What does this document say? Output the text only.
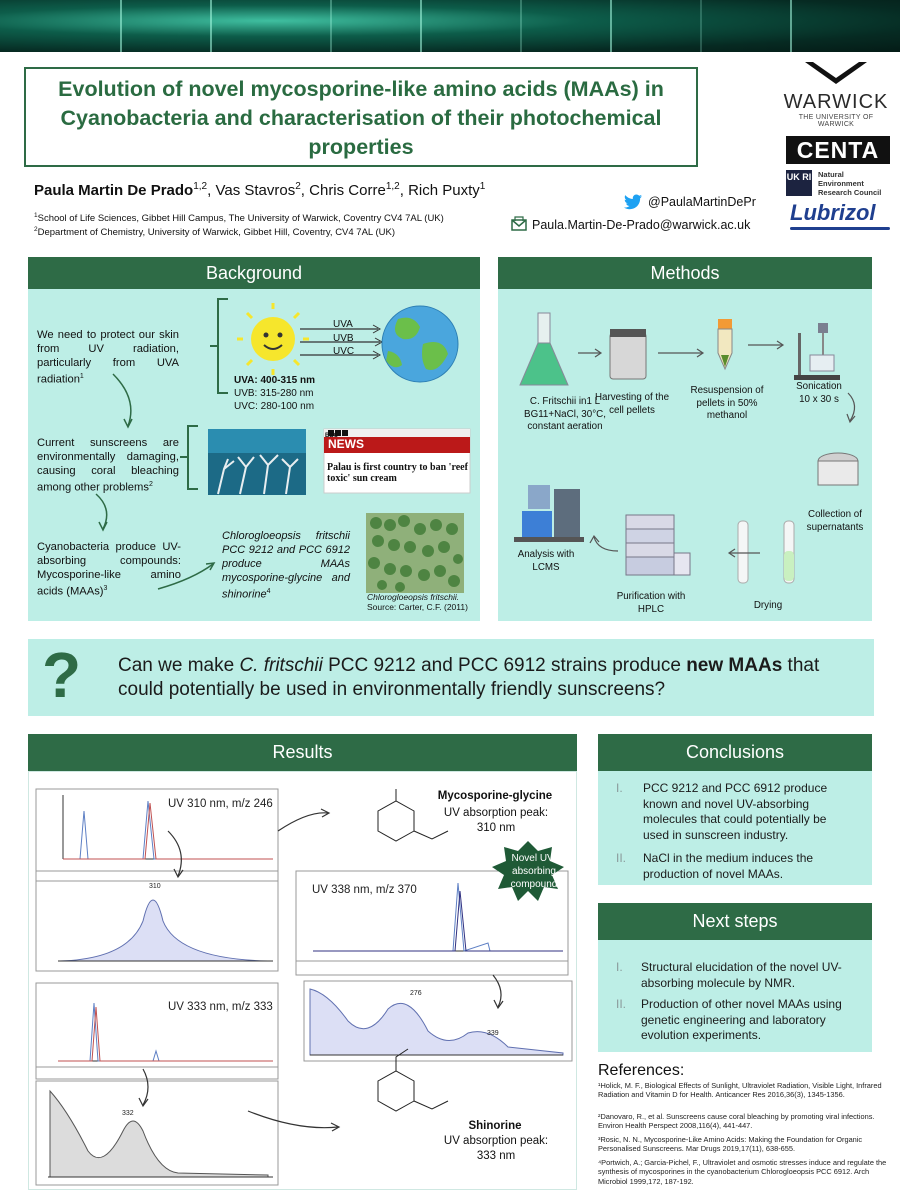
Evolution of novel mycosporine-like amino acids (MAAs) in Cyanobacteria and characterisation of their photochemical properties
Paula Martin De Prado$^{1,2}$, Vas Stavros$^2$, Chris Corre$^{1,2}$, Rich Puxty$^1$
$^1$School of Life Sciences, Gibbet Hill Campus, The University of Warwick, Coventry CV4 7AL (UK)
$^2$Department of Chemistry, University of Warwick, Gibbet Hill, Coventry, CV4 7AL (UK)
@PaulaMartinDePr
Paula.Martin-De-Prado@warwick.ac.uk
WARWICK
THE UNIVERSITY OF WARWICK
CENTA
UK RI Natural Environment Research Council
Lubrizol
Background
We need to protect our skin from UV radiation, particularly from UVA radiation$^1$
Current sunscreens are environmentally damaging, causing coral bleaching among other problems$^2$
Cyanobacteria produce UV-absorbing compounds: Mycosporine-like amino acids (MAAs)$^3$
UVA
UVB
UVC
UVA: 400-315 nm
UVB: 315-280 nm
UVC: 280-100 nm
BBC
NEWS
Palau is first country to ban 'reef toxic' sun cream
Chlorogloeopsis fritschii PCC 9212 and PCC 6912 produce MAAs mycosporine-glycine and shinorine$^4$
Chlorogloeopsis fritschii.
Source: Carter, C.F. (2011)
Methods
C. Fritschii in1 L BG11+NaCl, 30°C, constant aeration
Harvesting of the cell pellets
Resuspension of pellets in 50% methanol
Sonication 10 x 30 s
Collection of supernatants
Drying
Purification with HPLC
Analysis with LCMS
? Can we make C. fritschii PCC 9212 and PCC 6912 strains produce new MAAs that could potentially be used in environmentally friendly sunscreens?
Results
UV 310 nm, m/z 246
UV 338 nm, m/z 370
UV 333 nm, m/z 333
310
276
339
332
Mycosporine-glycine
UV absorption peak: 310 nm
Shinorine
UV absorption peak: 333 nm
Novel UV-absorbing compound
Conclusions
I. PCC 9212 and PCC 6912 produce known and novel UV-absorbing molecules that could potentially be used in sunscreen industry.
II. NaCl in the medium induces the production of novel MAAs.
Next steps
I. Structural elucidation of the novel UV-absorbing molecule by NMR.
II. Production of other novel MAAs using genetic engineering and laboratory evolution experiments.
References:
¹Holick, M. F., Biological Effects of Sunlight, Ultraviolet Radiation, Visible Light, Infrared Radiation and Vitamin D for Health. Anticancer Res 2016,36(3), 1345-1356.
²Danovaro, R., et al. Sunscreens cause coral bleaching by promoting viral infections. Environ Health Perspect 2008,116(4), 441-447.
³Rosic, N. N., Mycosporine-Like Amino Acids: Making the Foundation for Organic Personalised Sunscreens. Mar Drugs 2019,17(11), 638-655.
⁴Portwich, A.; Garcia-Pichel, F., Ultraviolet and osmotic stresses induce and regulate the synthesis of mycosporines in the cyanobacterium Chlorogloeopsis PCC 6912. Arch Microbiol 1999,172, 187-192.
